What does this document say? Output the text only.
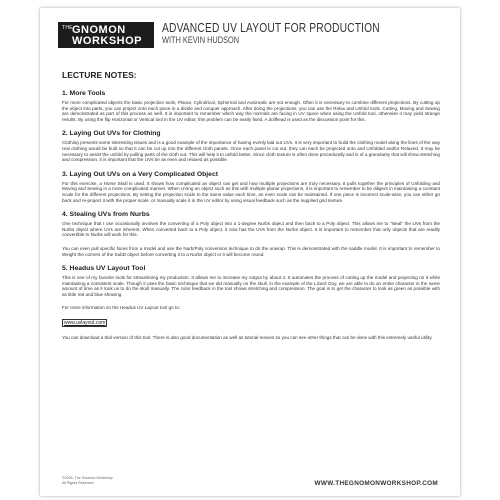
THE GNOMON
WORKSHOP
ADVANCED UV LAYOUT FOR PRODUCTION
WITH KEVIN HUDSON
LECTURE NOTES:
1. More Tools
For more complicated objects the basic projection tools, Planar, Cylindrical, Spherical and Automatic are not enough. Often it is necessary to combine different projections. By cutting up the object into parts, you can project onto each piece in a divide and conquer approach. After doing the projections, you can use the Relax and Unfold tools. Cutting, Moving and Sewing are demonstrated as part of this process as well. It is important to remember which way the normals are facing in UV space when using the Unfold tool, otherwise it may yield strange results. By using the flip Horizontal or Vertical tool in the UV editor, this problem can be easily fixed. A dollhead is used as the discussion point for this.
2. Laying Out UVs for Clothing
Clothing presents some interesting issues and is a good example of the importance of having evenly laid out UVs. It is very important to build the clothing model along the lines of the way real clothing would be built so that it can be cut up into the different cloth panels. Once each panel is cut out, they can each be projected onto and Unfolded and/or Relaxed. It may be necessary to assist the unfold by pulling parts of the cloth out. This will help it to unfold better. Since cloth texture is often done procedurally and is of a granularity that will show stretching and compression, it is important that the UVs be as even and relaxed as possible.
3. Laying Out UVs on a Very Complicated Object
For this exercise, a Horse Skull is used. It shows how complicated an object can get and how multiple projections are truly necessary. It pulls together the principles of Unfolding and Moving and Sewing in a more complicated manner. When UVing an object such as this with multiple planar projections, it is important to remember to be diligent in maintaining a constant Scale for the different projections. By setting the projection scale to the same value each time, an even scale can be maintained. If one piece is incorrect scale-wise, you can either go back and re-project it with the proper scale, or manually scale it in the UV editor by using visual feedback such as the supplied grid texture.
4. Stealing UVs from Nurbs
One technique that I use occasionally involves the converting of a Poly object into a 1-degree Nurbs object and then back to a Poly object. This allows me to "steal" the UVs from the Nurbs object where UVs are inherent. When converted back to a Poly object, it now has the UVs from the Nurbs object. It is important to remember that only objects that are readily convertible to Nurbs will work for this.
You can even pull specific faces from a model and use the Nurb/Poly conversion technique to do the unwrap. This is demonstrated with the saddle model. It is important to remember to Weight the corners of the SubD object before converting it to a Nurbs object or it will become round.
5. Headus UV Layout Tool
This is one of my favorite tools for streamlining my production. It allows me to increase my output by about 4. It automates the process of cutting up the model and projecting on it while maintaining a consistent scale. Though it uses the basic technique that we did manually on the skull, in the example of the Lizard Guy, we are able to do an entire character in the same amount of time as it took us to do the skull manually. The color feedback in the tool shows stretching and compression. The goal is to get the character to look as green as possible with as little red and blue showing.
For more information on the Headus UV Layout tool go to:
www.uvlayout.com
You can download a trial version of this tool. There is also good documentation as well as tutorial movies so you can see other things that can be done with this extremely useful utility.
©2005, The Gnomon Workshop
All Rights Reserved	WWW.THEGNOMONWORKSHOP.COM
